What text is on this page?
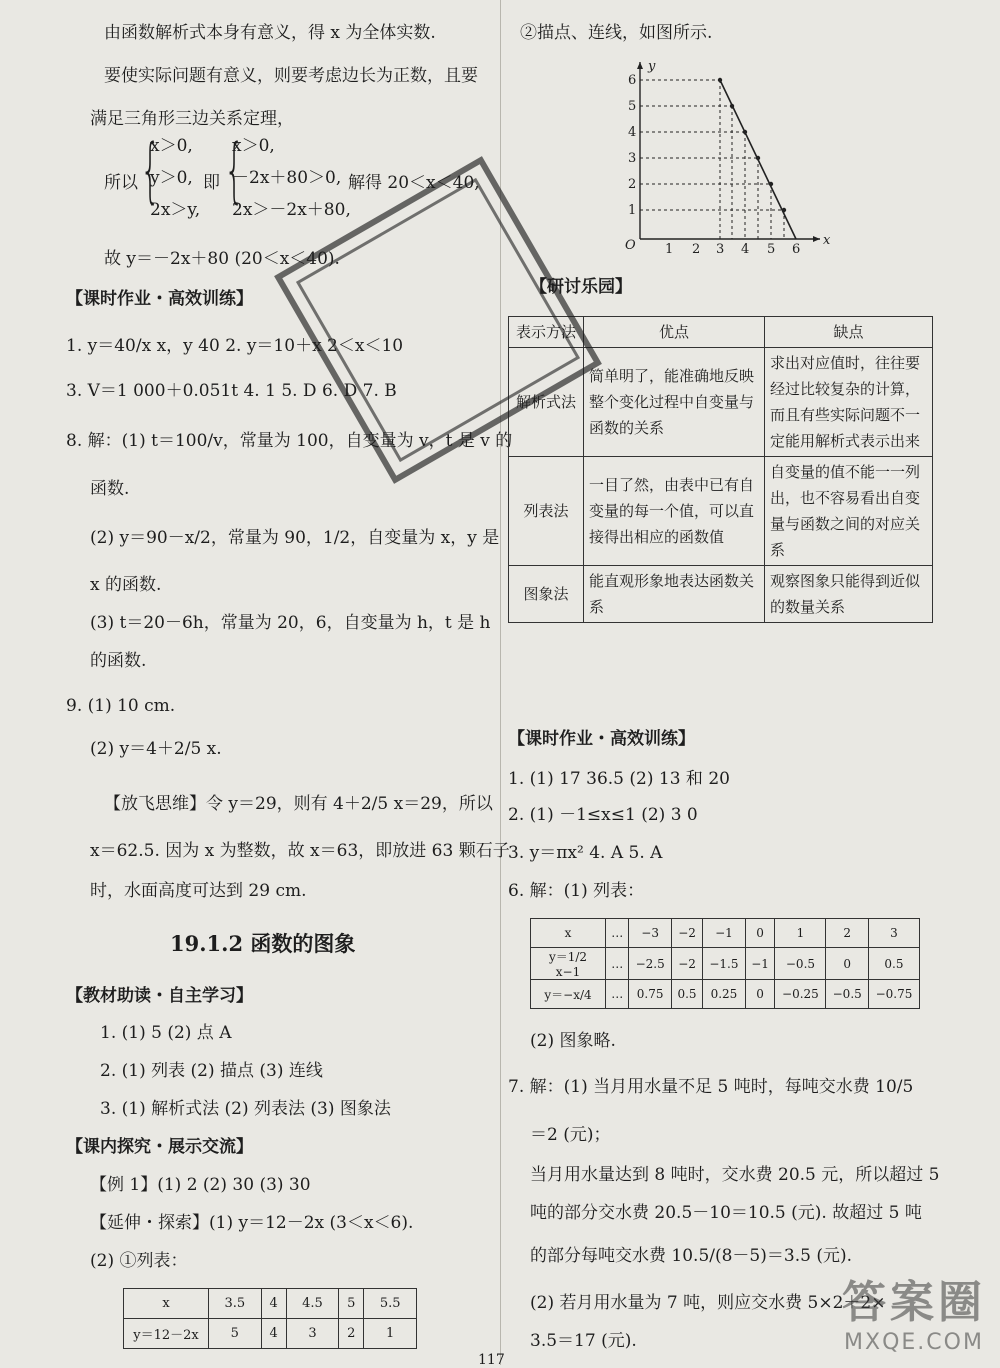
由函数解析式本身有意义，得 x 为全体实数.
要使实际问题有意义，则要考虑边长为正数，且要
满足三角形三边关系定理，
所以 {
x＞0,
y＞0,
2x＞y,
即 {
x＞0,
－2x＋80＞0,
2x＞－2x＋80,
解得 20＜x＜40,
故 y＝－2x＋80 (20＜x＜40).
【课时作业・高效训练】
1. y＝40/x x，y 40 2. y＝10＋x 2＜x＜10
3. V＝1 000＋0.051t 4. 1 5. D 6. D 7. B
8. 解：(1) t＝100/v，常量为 100，自变量为 v，t 是 v 的
函数.
(2) y＝90－x/2，常量为 90，1/2，自变量为 x，y 是
x 的函数.
(3) t＝20－6h，常量为 20，6，自变量为 h，t 是 h
的函数.
9. (1) 10 cm.
(2) y＝4＋2/5 x.
【放飞思维】令 y＝29，则有 4＋2/5 x＝29，所以
x＝62.5. 因为 x 为整数，故 x＝63，即放进 63 颗石子
时，水面高度可达到 29 cm.
19.1.2 函数的图象
【教材助读・自主学习】
1. (1) 5 (2) 点 A
2. (1) 列表 (2) 描点 (3) 连线
3. (1) 解析式法 (2) 列表法 (3) 图象法
【课内探究・展示交流】
【例 1】(1) 2 (2) 30 (3) 30
【延伸・探索】(1) y＝12－2x (3＜x＜6).
(2) ①列表：
x	3.5	4	4.5	5	5.5
y＝12－2x	5	4	3	2	1
②描点、连线，如图所示.
x
y
O 1 2 3 4 5 6
1
2
3
4
5
6
【研讨乐园】
表示方法	优点	缺点
解析式法	简单明了，能准确地反映整个变化过程中自变量与函数的关系	求出对应值时，往往要经过比较复杂的计算，而且有些实际问题不一定能用解析式表示出来
列表法	一目了然，由表中已有自变量的每一个值，可以直接得出相应的函数值	自变量的值不能一一列出，也不容易看出自变量与函数之间的对应关系
图象法	能直观形象地表达函数关系	观察图象只能得到近似的数量关系
【课时作业・高效训练】
1. (1) 17 36.5 (2) 13 和 20
2. (1) －1≤x≤1 (2) 3 0
3. y＝πx² 4. A 5. A
6. 解：(1) 列表：
x	…	−3	−2	−1	0	1	2	3
y＝1/2 x−1	…	−2.5	−2	−1.5	−1	−0.5	0	0.5
y＝−x/4	…	0.75	0.5	0.25	0	−0.25	−0.5	−0.75
(2) 图象略.
7. 解：(1) 当月用水量不足 5 吨时，每吨交水费 10/5
＝2 (元)；
当月用水量达到 8 吨时，交水费 20.5 元，所以超过 5
吨的部分交水费 20.5－10＝10.5 (元). 故超过 5 吨
的部分每吨交水费 10.5/(8－5)＝3.5 (元).
(2) 若月用水量为 7 吨，则应交水费 5×2＋2×
3.5＝17 (元).
答案圈
MXQE.COM
117
